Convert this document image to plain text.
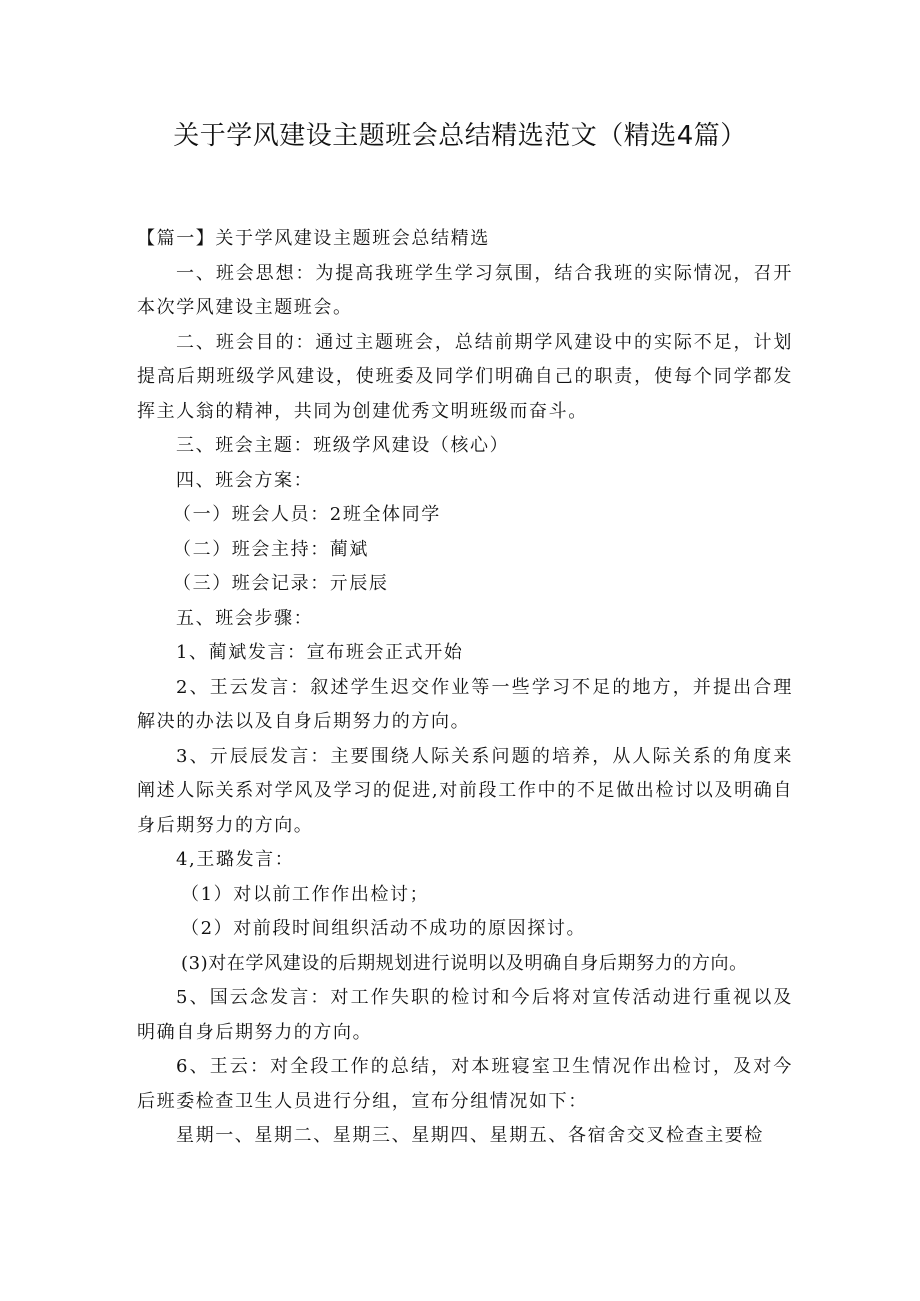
关于学风建设主题班会总结精选范文（精选4篇）

【篇一】关于学风建设主题班会总结精选

一、班会思想：为提高我班学生学习氛围，结合我班的实际情况，召开本次学风建设主题班会。

二、班会目的：通过主题班会，总结前期学风建设中的实际不足，计划提高后期班级学风建设，使班委及同学们明确自己的职责，使每个同学都发挥主人翁的精神，共同为创建优秀文明班级而奋斗。

三、班会主题：班级学风建设（核心）

四、班会方案：

（一）班会人员：2班全体同学

（二）班会主持：蔺斌

（三）班会记录：亓辰辰

五、班会步骤：

1、蔺斌发言：宣布班会正式开始

2、王云发言：叙述学生迟交作业等一些学习不足的地方，并提出合理解决的办法以及自身后期努力的方向。

3、亓辰辰发言：主要围绕人际关系问题的培养，从人际关系的角度来阐述人际关系对学风及学习的促进,对前段工作中的不足做出检讨以及明确自身后期努力的方向。

4,王璐发言：

（1）对以前工作作出检讨；

（2）对前段时间组织活动不成功的原因探讨。

(3)对在学风建设的后期规划进行说明以及明确自身后期努力的方向。

5、国云念发言：对工作失职的检讨和今后将对宣传活动进行重视以及明确自身后期努力的方向。

6、王云：对全段工作的总结，对本班寝室卫生情况作出检讨，及对今后班委检查卫生人员进行分组，宣布分组情况如下：

星期一、星期二、星期三、星期四、星期五、各宿舍交叉检查主要检
